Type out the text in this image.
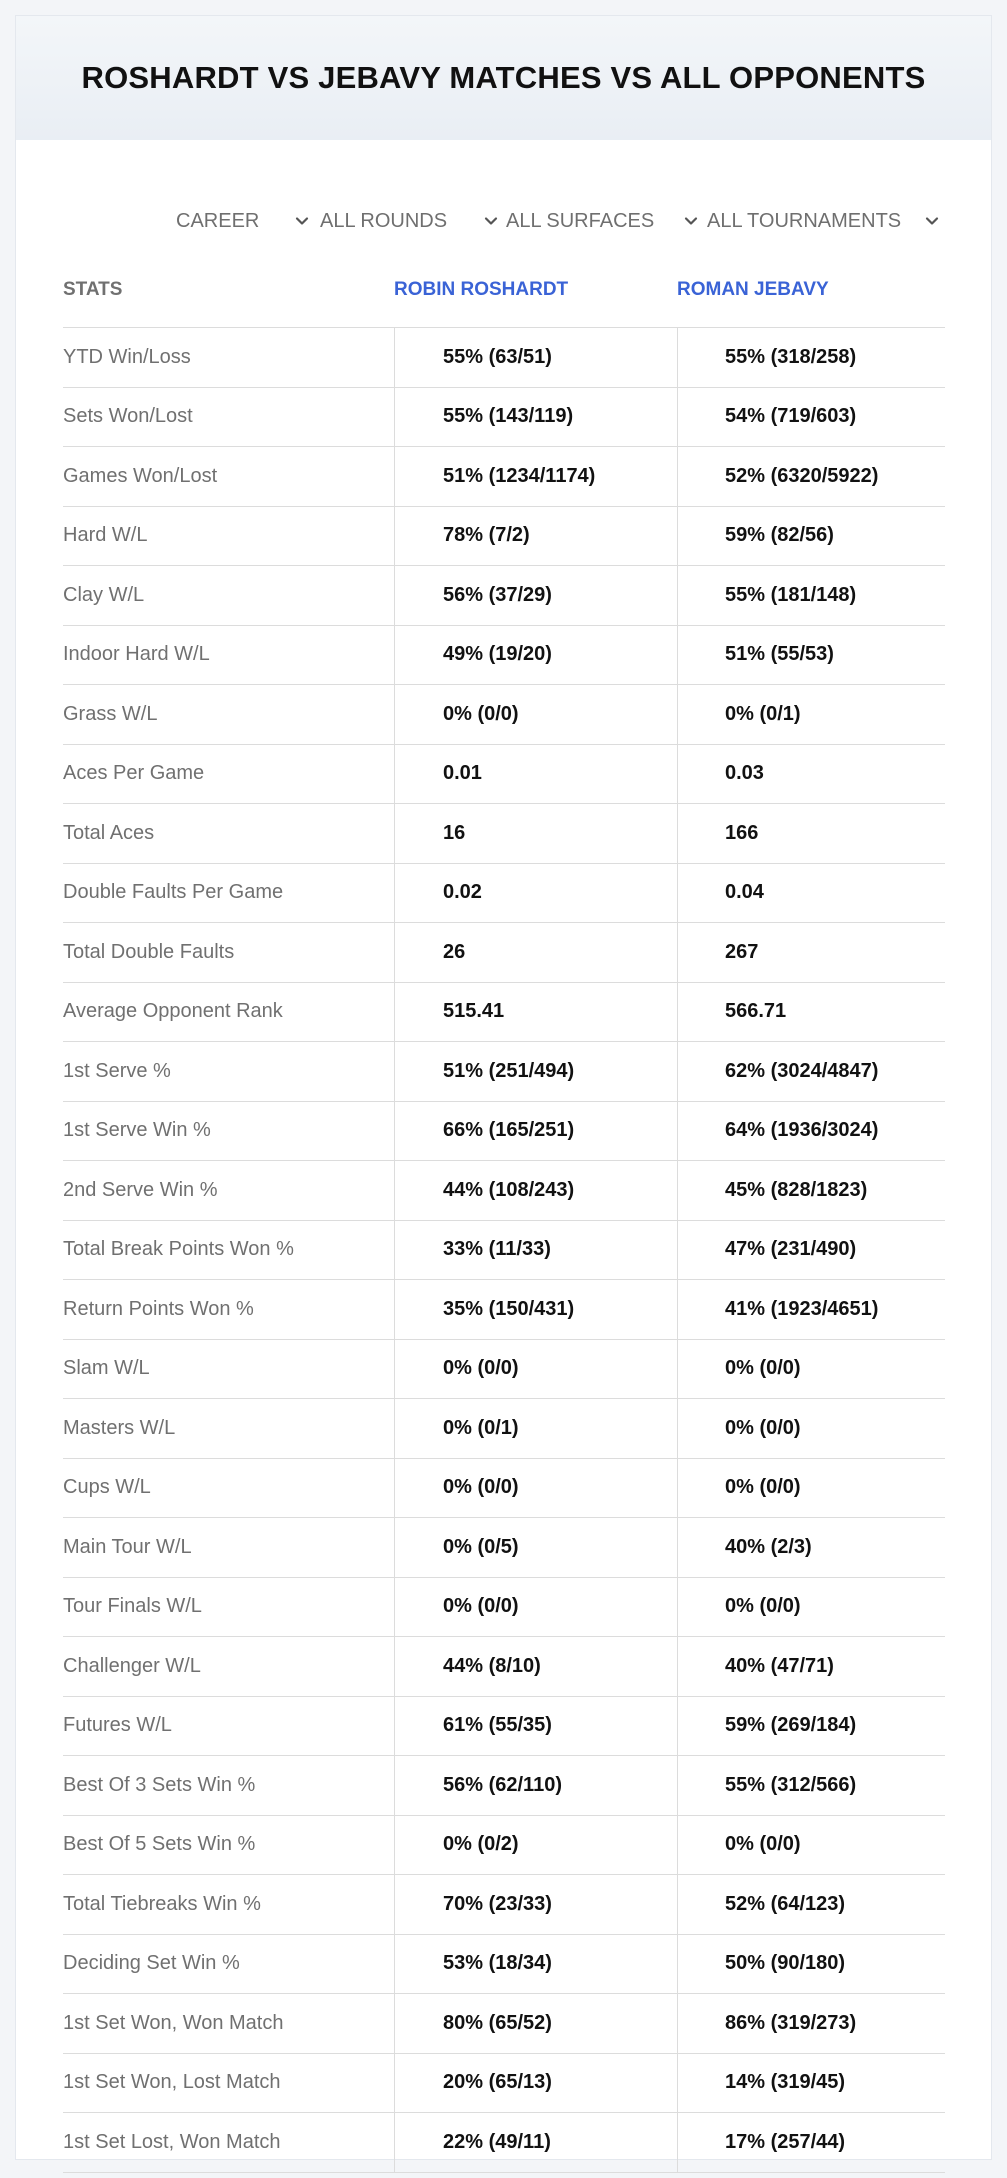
ROSHARDT VS JEBAVY MATCHES VS ALL OPPONENTS
CAREER	ALL ROUNDS	ALL SURFACES	ALL TOURNAMENTS
STATS	ROBIN ROSHARDT	ROMAN JEBAVY
YTD Win/Loss	55% (63/51)	55% (318/258)
Sets Won/Lost	55% (143/119)	54% (719/603)
Games Won/Lost	51% (1234/1174)	52% (6320/5922)
Hard W/L	78% (7/2)	59% (82/56)
Clay W/L	56% (37/29)	55% (181/148)
Indoor Hard W/L	49% (19/20)	51% (55/53)
Grass W/L	0% (0/0)	0% (0/1)
Aces Per Game	0.01	0.03
Total Aces	16	166
Double Faults Per Game	0.02	0.04
Total Double Faults	26	267
Average Opponent Rank	515.41	566.71
1st Serve %	51% (251/494)	62% (3024/4847)
1st Serve Win %	66% (165/251)	64% (1936/3024)
2nd Serve Win %	44% (108/243)	45% (828/1823)
Total Break Points Won %	33% (11/33)	47% (231/490)
Return Points Won %	35% (150/431)	41% (1923/4651)
Slam W/L	0% (0/0)	0% (0/0)
Masters W/L	0% (0/1)	0% (0/0)
Cups W/L	0% (0/0)	0% (0/0)
Main Tour W/L	0% (0/5)	40% (2/3)
Tour Finals W/L	0% (0/0)	0% (0/0)
Challenger W/L	44% (8/10)	40% (47/71)
Futures W/L	61% (55/35)	59% (269/184)
Best Of 3 Sets Win %	56% (62/110)	55% (312/566)
Best Of 5 Sets Win %	0% (0/2)	0% (0/0)
Total Tiebreaks Win %	70% (23/33)	52% (64/123)
Deciding Set Win %	53% (18/34)	50% (90/180)
1st Set Won, Won Match	80% (65/52)	86% (319/273)
1st Set Won, Lost Match	20% (65/13)	14% (319/45)
1st Set Lost, Won Match	22% (49/11)	17% (257/44)
